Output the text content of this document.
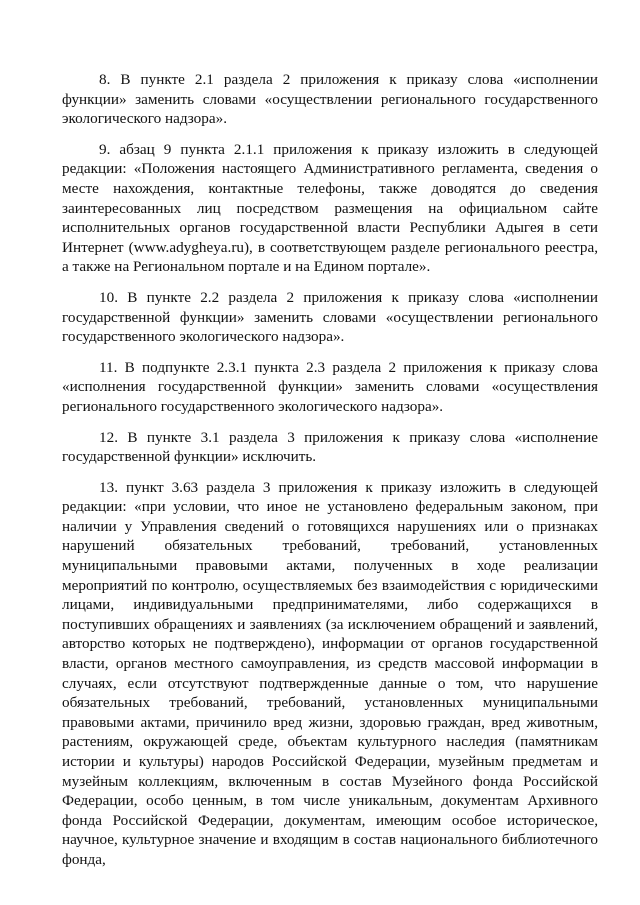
8. В пункте 2.1 раздела 2 приложения к приказу слова «исполнении функции» заменить словами «осуществлении регионального государственного экологического надзора».

9. абзац 9 пункта 2.1.1 приложения к приказу изложить в следующей редакции: «Положения настоящего Административного регламента, сведения о месте нахождения, контактные телефоны, также доводятся до сведения заинтересованных лиц посредством размещения на официальном сайте исполнительных органов государственной власти Республики Адыгея в сети Интернет (www.adygheya.ru), в соответствующем разделе регионального реестра, а также на Региональном портале и на Едином портале».

10. В пункте 2.2 раздела 2 приложения к приказу слова «исполнении государственной функции» заменить словами «осуществлении регионального государственного экологического надзора».

11. В подпункте 2.3.1 пункта 2.3 раздела 2 приложения к приказу слова «исполнения государственной функции» заменить словами «осуществления регионального государственного экологического надзора».

12. В пункте 3.1 раздела 3 приложения к приказу слова «исполнение государственной функции» исключить.

13. пункт 3.63 раздела 3 приложения к приказу изложить в следующей редакции: «при условии, что иное не установлено федеральным законом, при наличии у Управления сведений о готовящихся нарушениях или о признаках нарушений обязательных требований, требований, установленных муниципальными правовыми актами, полученных в ходе реализации мероприятий по контролю, осуществляемых без взаимодействия с юридическими лицами, индивидуальными предпринимателями, либо содержащихся в поступивших обращениях и заявлениях (за исключением обращений и заявлений, авторство которых не подтверждено), информации от органов государственной власти, органов местного самоуправления, из средств массовой информации в случаях, если отсутствуют подтвержденные данные о том, что нарушение обязательных требований, требований, установленных муниципальными правовыми актами, причинило вред жизни, здоровью граждан, вред животным, растениям, окружающей среде, объектам культурного наследия (памятникам истории и культуры) народов Российской Федерации, музейным предметам и музейным коллекциям, включенным в состав Музейного фонда Российской Федерации, особо ценным, в том числе уникальным, документам Архивного фонда Российской Федерации, документам, имеющим особое историческое, научное, культурное значение и входящим в состав национального библиотечного фонда,
